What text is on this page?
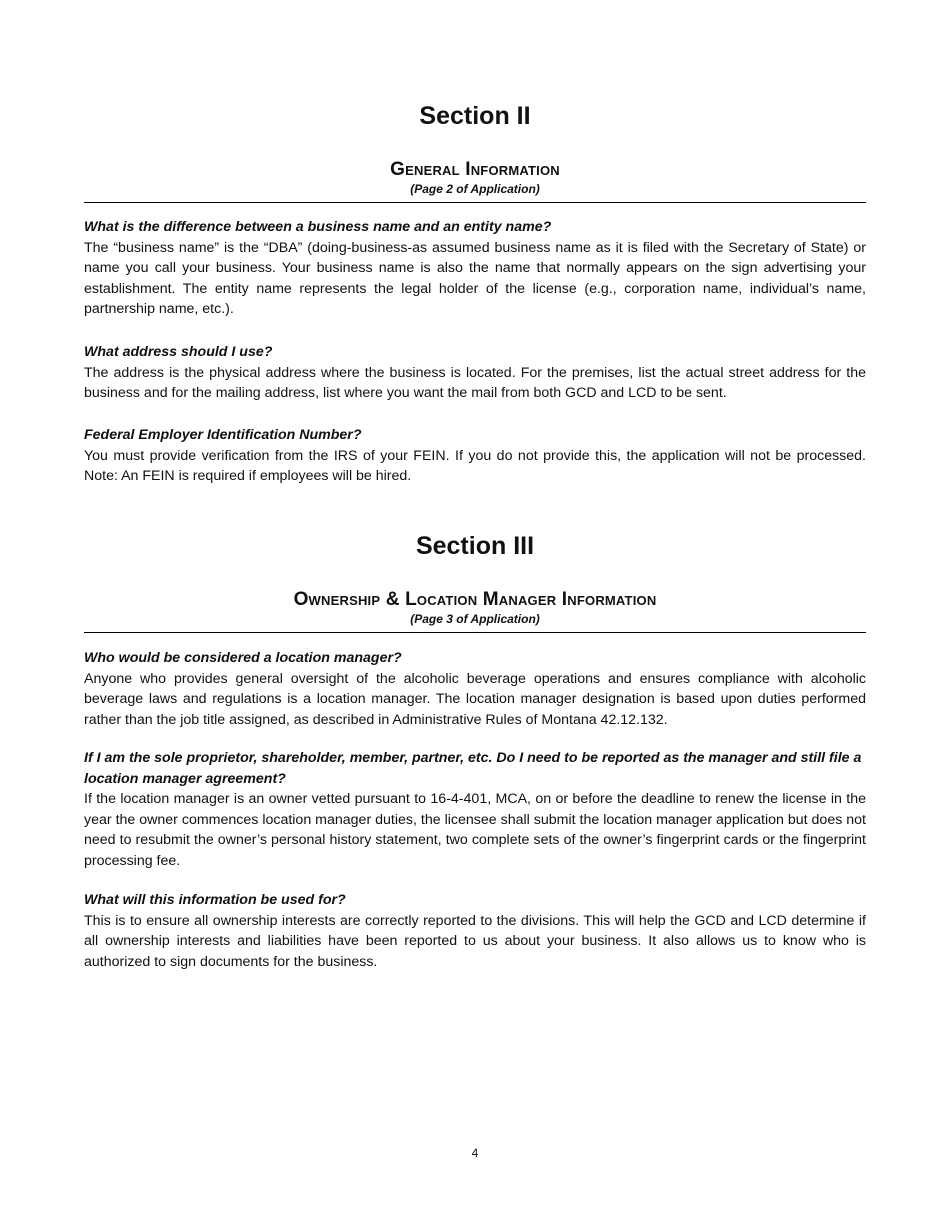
Section II
General Information

(Page 2 of Application)

What is the difference between a business name and an entity name?

The “business name” is the “DBA” (doing-business-as assumed business name as it is filed with the Secretary of State) or name you call your business. Your business name is also the name that normally appears on the sign advertising your establishment. The entity name represents the legal holder of the license (e.g., corporation name, individual’s name, partnership name, etc.).

What address should I use?

The address is the physical address where the business is located. For the premises, list the actual street address for the business and for the mailing address, list where you want the mail from both GCD and LCD to be sent.

Federal Employer Identification Number?

You must provide verification from the IRS of your FEIN. If you do not provide this, the application will not be processed. Note: An FEIN is required if employees will be hired.

Section III
Ownership & Location Manager Information

(Page 3 of Application)

Who would be considered a location manager?

Anyone who provides general oversight of the alcoholic beverage operations and ensures compliance with alcoholic beverage laws and regulations is a location manager. The location manager designation is based upon duties performed rather than the job title assigned, as described in Administrative Rules of Montana 42.12.132.

If I am the sole proprietor, shareholder, member, partner, etc. Do I need to be reported as the manager and still file a location manager agreement?

If the location manager is an owner vetted pursuant to 16-4-401, MCA, on or before the deadline to renew the license in the year the owner commences location manager duties, the licensee shall submit the location manager application but does not need to resubmit the owner’s personal history statement, two complete sets of the owner’s fingerprint cards or the fingerprint processing fee.

What will this information be used for?

This is to ensure all ownership interests are correctly reported to the divisions. This will help the GCD and LCD determine if all ownership interests and liabilities have been reported to us about your business. It also allows us to know who is authorized to sign documents for the business.

4
